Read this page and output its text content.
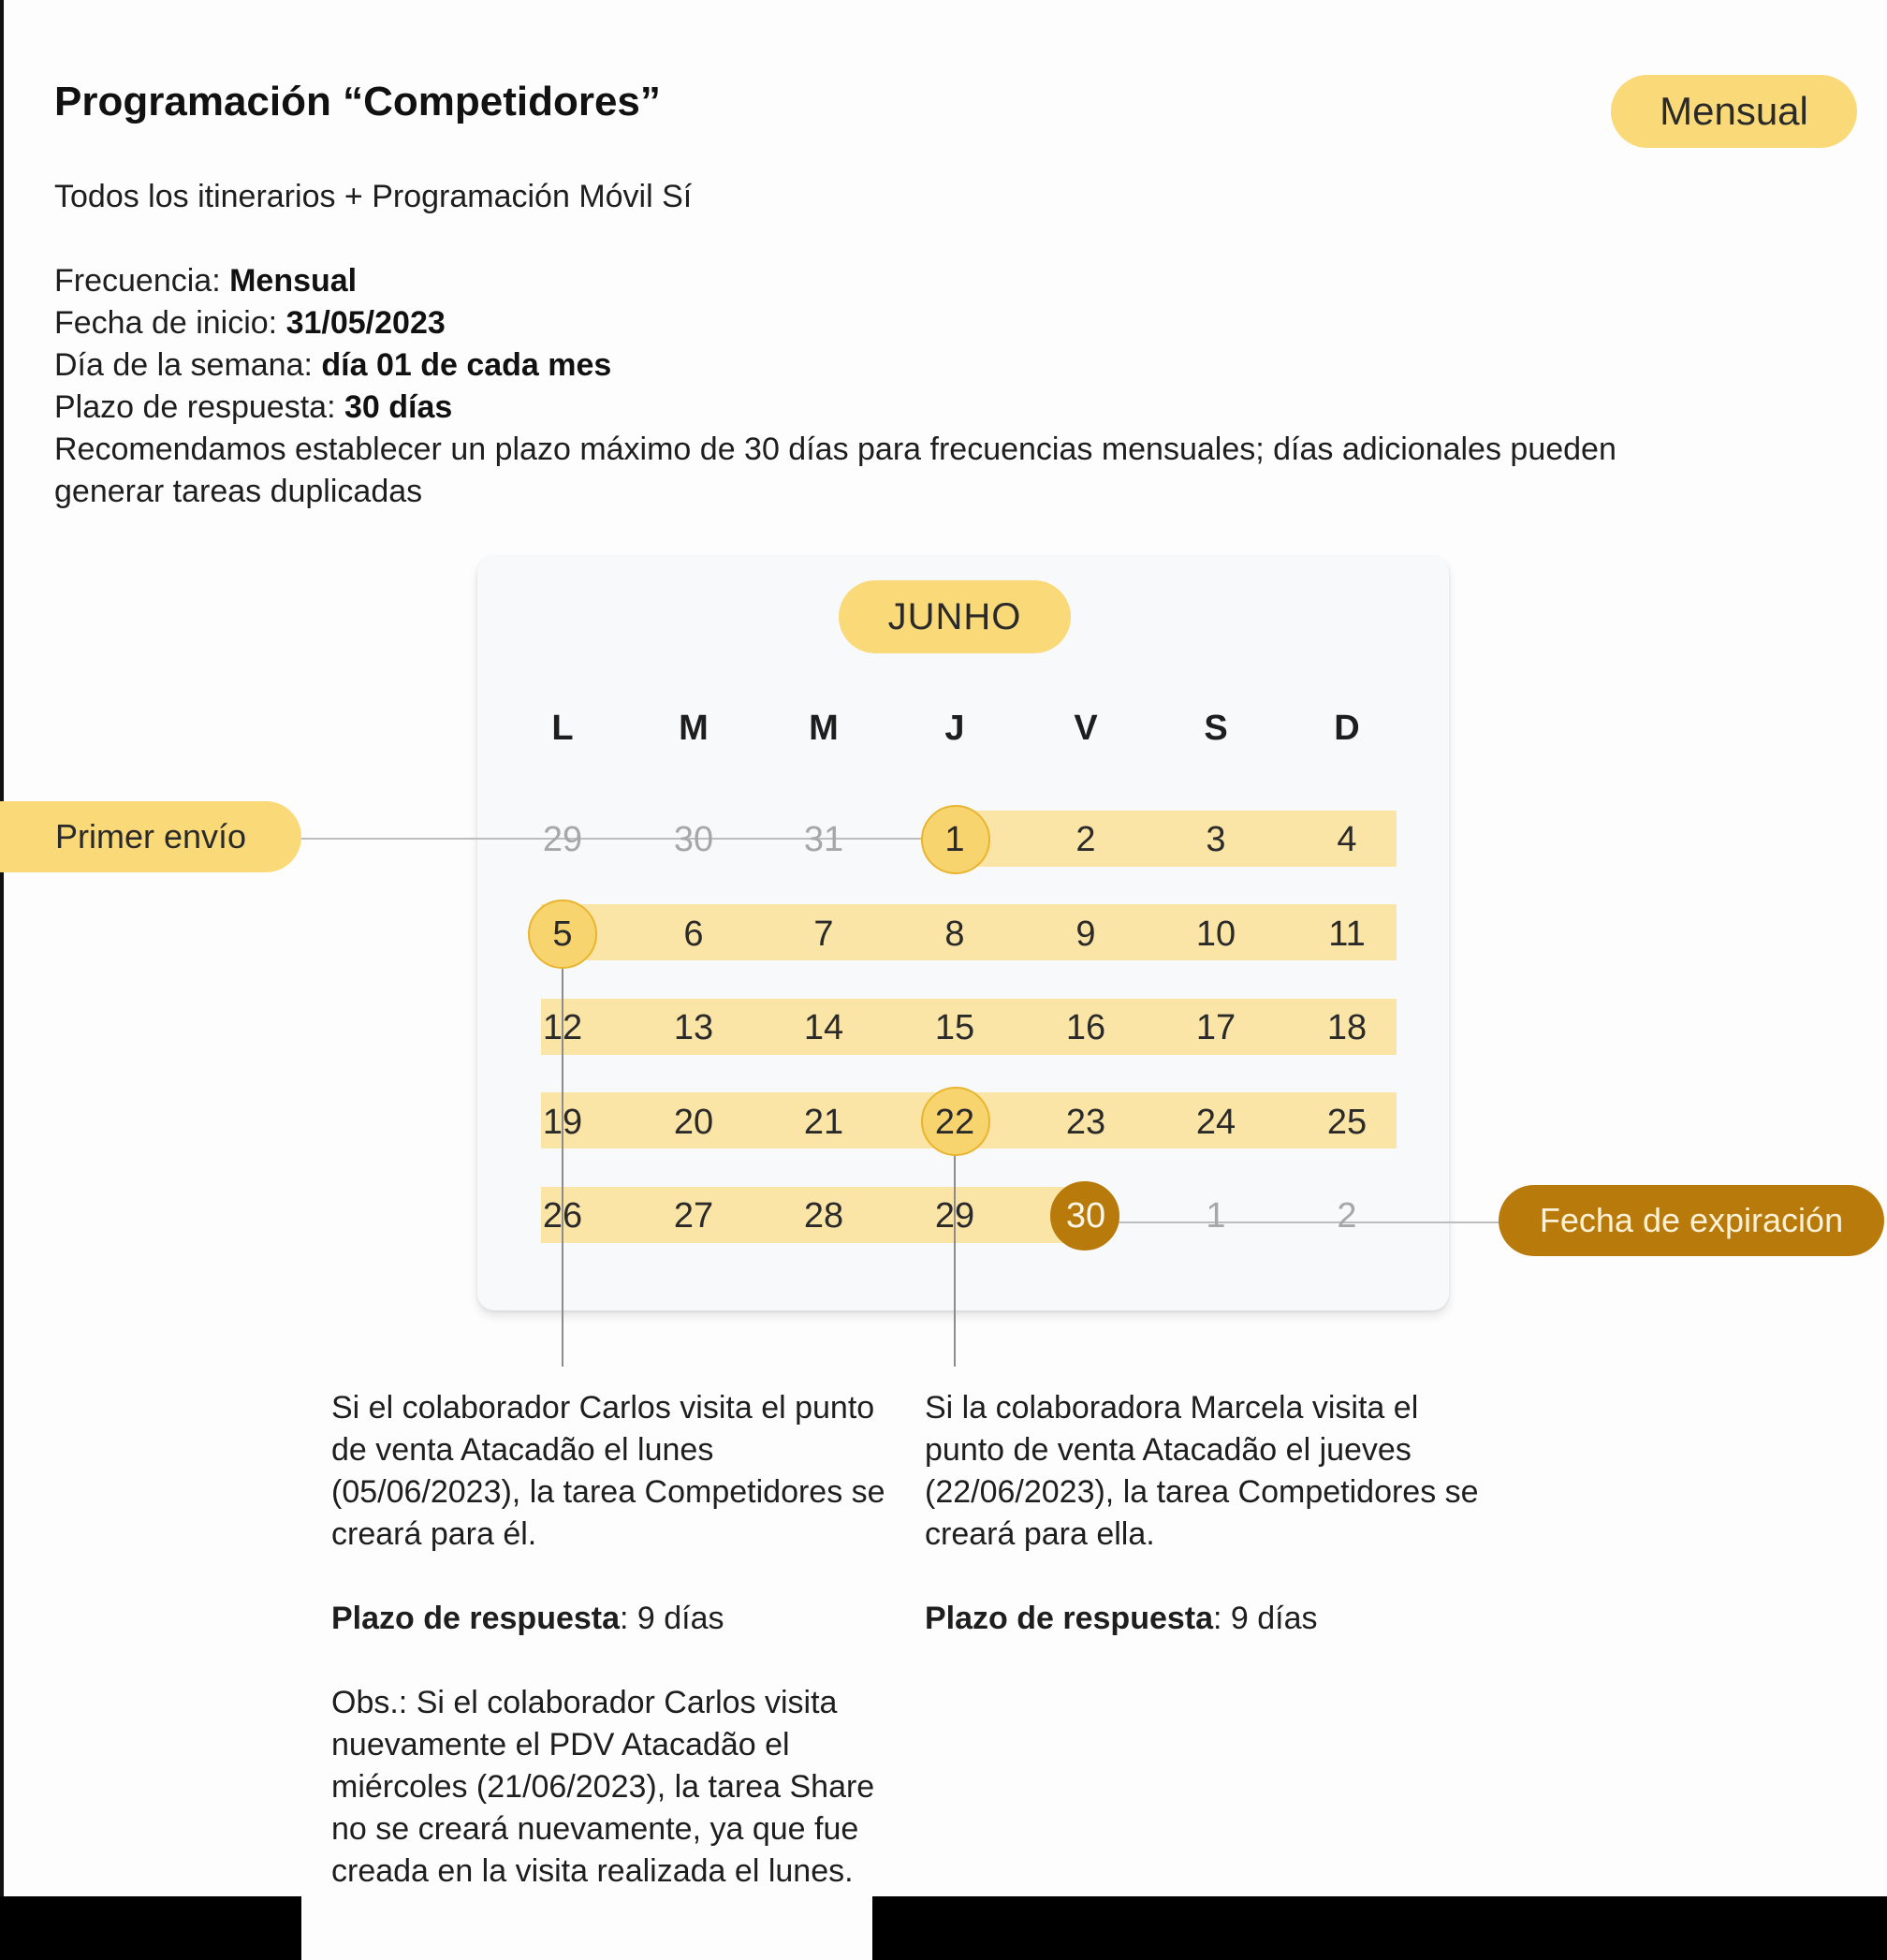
Programación “Competidores”	Mensual
Todos los itinerarios + Programación Móvil Sí
Frecuencia: Mensual
Fecha de inicio: 31/05/2023
Día de la semana: día 01 de cada mes
Plazo de respuesta: 30 días
Recomendamos establecer un plazo máximo de 30 días para frecuencias mensuales; días adicionales pueden generar tareas duplicadas
JUNHO
L	M	M	J	V	S	D
29	30	31	1	2	3	4
5	6	7	8	9	10	11
12	13	14	15	16	17	18
19	20	21	22	23	24	25
26	27	28	29	30	1	2
Primer envío
Fecha de expiración

Si el colaborador Carlos visita el punto de venta Atacadão el lunes (05/06/2023), la tarea Competidores se creará para él.

Plazo de respuesta: 9 días

Obs.: Si el colaborador Carlos visita nuevamente el PDV Atacadão el miércoles (21/06/2023), la tarea Share no se creará nuevamente, ya que fue creada en la visita realizada el lunes.

Si la colaboradora Marcela visita el punto de venta Atacadão el jueves (22/06/2023), la tarea Competidores se creará para ella.

Plazo de respuesta: 9 días
